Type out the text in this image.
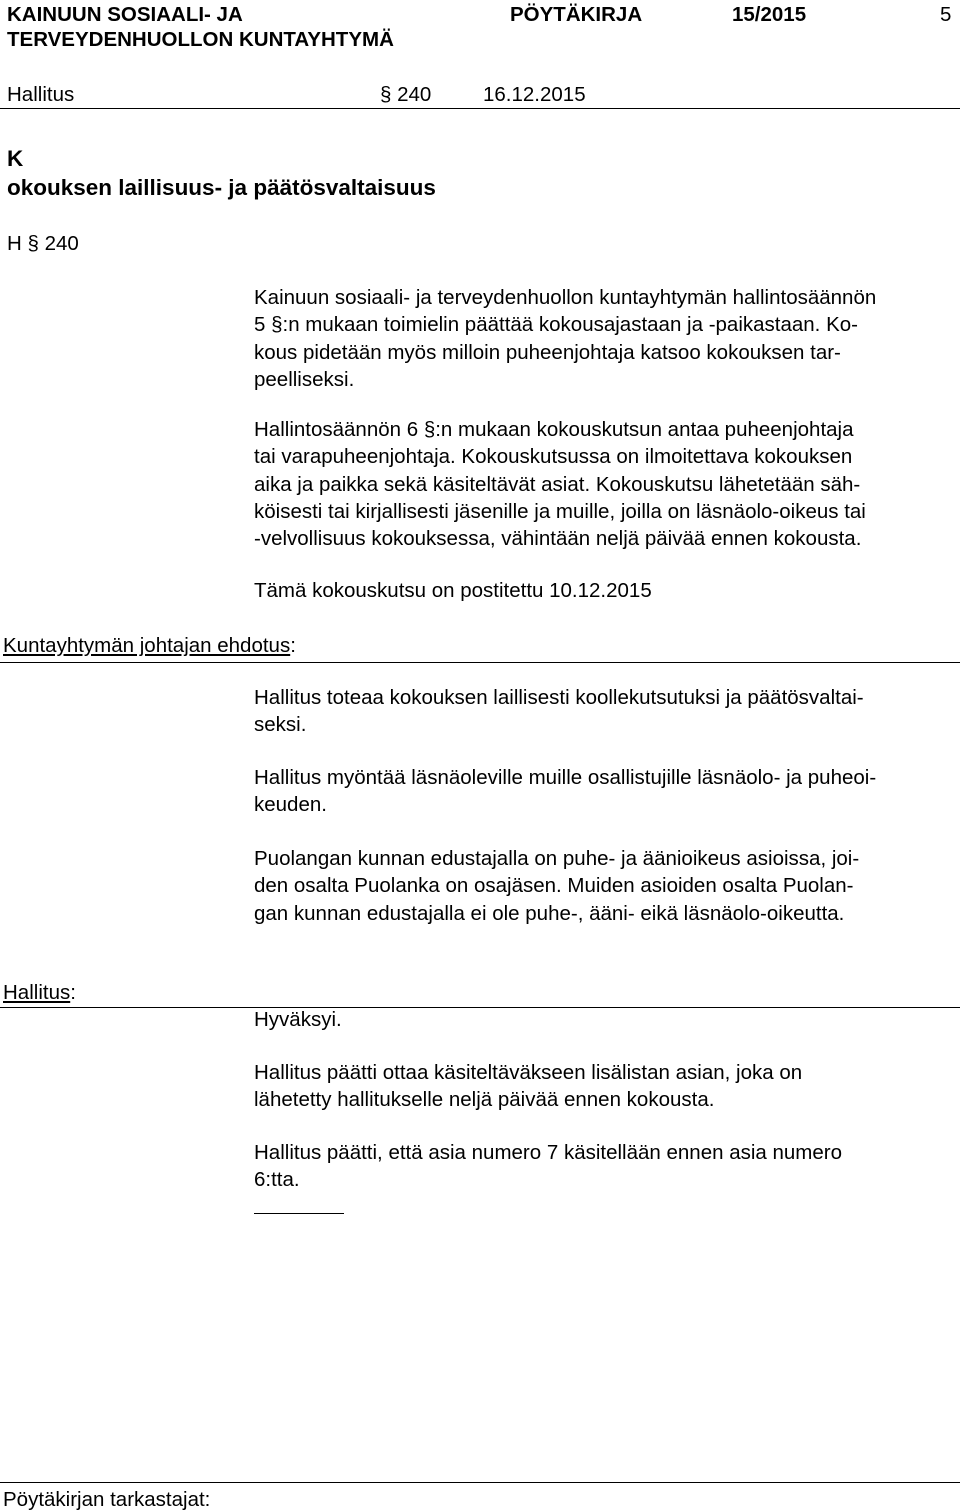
KAINUUN SOSIAALI- JA
TERVEYDENHUOLLON KUNTAYHTYMÄ
PÖYTÄKIRJA	15/2015	5
Hallitus	§ 240	16.12.2015
K
okouksen laillisuus- ja päätösvaltaisuus
H § 240
Kainuun sosiaali- ja terveydenhuollon kuntayhtymän hallintosäännön
5 §:n mukaan toimielin päättää kokousajastaan ja -paikastaan. Ko-
kous pidetään myös milloin puheenjohtaja katsoo kokouksen tar-
peelliseksi.
Hallintosäännön 6 §:n mukaan kokouskutsun antaa puheenjohtaja
tai varapuheenjohtaja. Kokouskutsussa on ilmoitettava kokouksen
aika ja paikka sekä käsiteltävät asiat. Kokouskutsu lähetetään säh-
köisesti tai kirjallisesti jäsenille ja muille, joilla on läsnäolo-oikeus tai
-velvollisuus kokouksessa, vähintään neljä päivää ennen kokousta.
Tämä kokouskutsu on postitettu 10.12.2015
Kuntayhtymän johtajan ehdotus:
Hallitus toteaa kokouksen laillisesti koollekutsutuksi ja päätösvaltai-
seksi.
Hallitus myöntää läsnäoleville muille osallistujille läsnäolo- ja puheoi-
keuden.
Puolangan kunnan edustajalla on puhe- ja äänioikeus asioissa, joi-
den osalta Puolanka on osajäsen. Muiden asioiden osalta Puolan-
gan kunnan edustajalla ei ole puhe-, ääni- eikä läsnäolo-oikeutta.
Hallitus:
Hyväksyi.
Hallitus päätti ottaa käsiteltäväkseen lisälistan asian, joka on
lähetetty hallitukselle neljä päivää ennen kokousta.
Hallitus päätti, että asia numero 7 käsitellään ennen asia numero
6:tta.
Pöytäkirjan tarkastajat:
